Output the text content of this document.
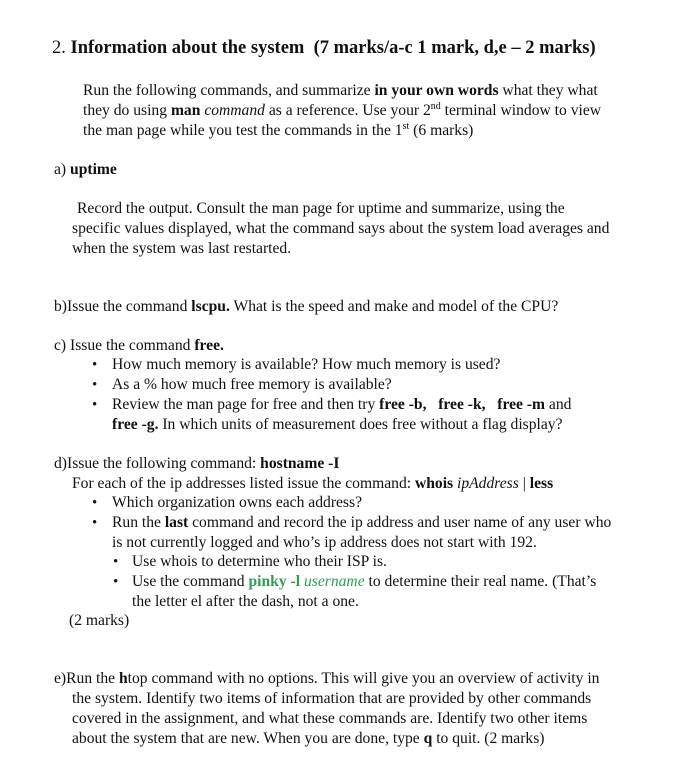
2. Information about the system (7 marks/a-c 1 mark, d,e – 2 marks)
Run the following commands, and summarize in your own words what they what
they do using man command as a reference. Use your 2nd terminal window to view
the man page while you test the commands in the 1st (6 marks)
a) uptime
Record the output. Consult the man page for uptime and summarize, using the
specific values displayed, what the command says about the system load averages and
when the system was last restarted.
b)Issue the command lscpu. What is the speed and make and model of the CPU?
c) Issue the command free.
• How much memory is available? How much memory is used?
• As a % how much free memory is available?
• Review the man page for free and then try free -b, free -k, free -m and
free -g. In which units of measurement does free without a flag display?
d)Issue the following command: hostname -I
For each of the ip addresses listed issue the command: whois ipAddress | less
• Which organization owns each address?
• Run the last command and record the ip address and user name of any user who
is not currently logged and who’s ip address does not start with 192.
• Use whois to determine who their ISP is.
• Use the command pinky -l username to determine their real name. (That’s
the letter el after the dash, not a one.
(2 marks)
e)Run the htop command with no options. This will give you an overview of activity in
the system. Identify two items of information that are provided by other commands
covered in the assignment, and what these commands are. Identify two other items
about the system that are new. When you are done, type q to quit. (2 marks)
